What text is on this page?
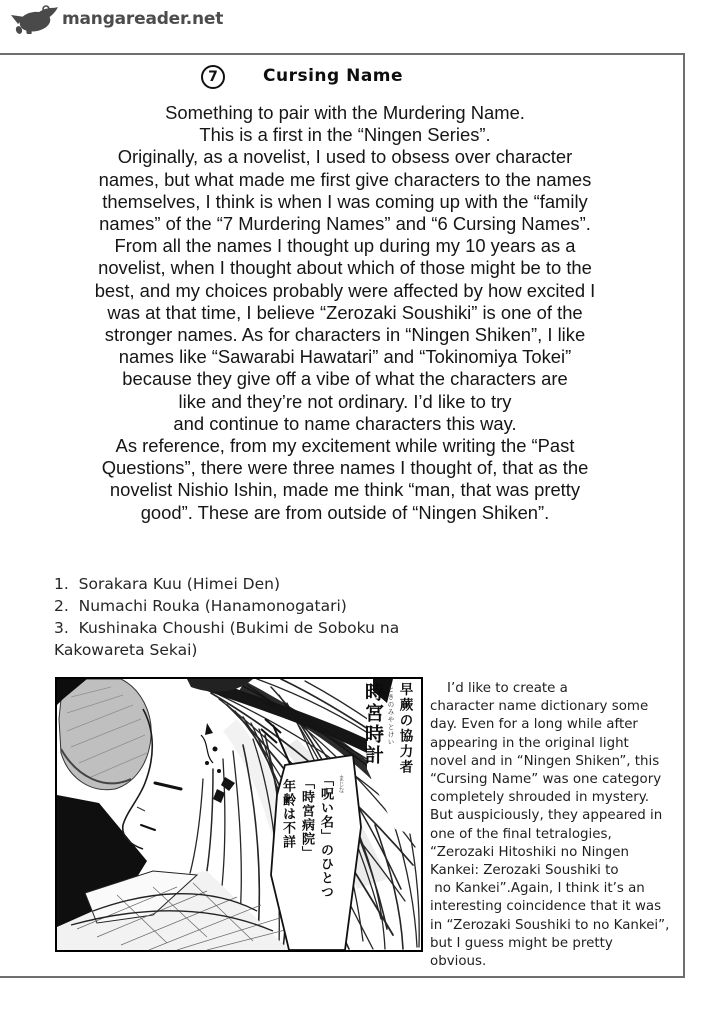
mangareader.net
7	Cursing Name
Something to pair with the Murdering Name.
This is a first in the “Ningen Series”.
Originally, as a novelist, I used to obsess over character
names, but what made me first give characters to the names
themselves, I think is when I was coming up with the “family
names” of the “7 Murdering Names” and “6 Cursing Names”.
From all the names I thought up during my 10 years as a
novelist, when I thought about which of those might be to the
best, and my choices probably were affected by how excited I
was at that time, I believe “Zerozaki Soushiki” is one of the
stronger names. As for characters in “Ningen Shiken”, I like
names like “Sawarabi Hawatari” and “Tokinomiya Tokei”
because they give off a vibe of what the characters are
like and they’re not ordinary. I’d like to try
and continue to name characters this way.
As reference, from my excitement while writing the “Past
Questions”, there were three names I thought of, that as the
novelist Nishio Ishin, made me think “man, that was pretty
good”. These are from outside of “Ningen Shiken”.
1.  Sorakara Kuu (Himei Den)
2.  Numachi Rouka (Hanamonogatari)
3.  Kushinaka Choushi (Bukimi de Soboku na
Kakowareta Sekai)
時宮時計 ときのみやとけい 早蕨の協力者
「呪い名」のひとつ まじな
「時宮病院」
年齢は不詳
I’d like to create a
character name dictionary some
day. Even for a long while after
appearing in the original light
novel and in “Ningen Shiken”, this
“Cursing Name” was one category
completely shrouded in mystery.
But auspiciously, they appeared in
one of the final tetralogies,
“Zerozaki Hitoshiki no Ningen
Kankei: Zerozaki Soushiki to
no Kankei”.Again, I think it’s an
interesting coincidence that it was
in “Zerozaki Soushiki to no Kankei”,
but I guess might be pretty
obvious.
